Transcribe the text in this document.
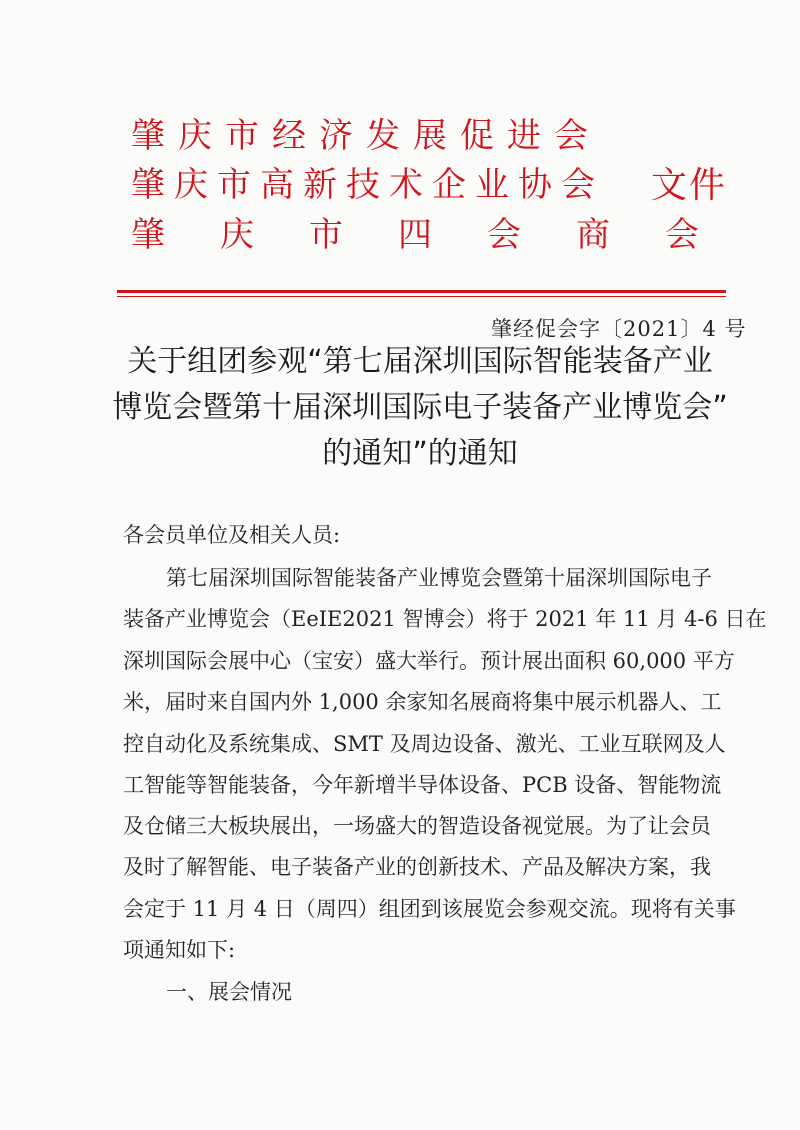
肇庆市经济发展促进会
肇庆市高新技术企业协会
肇庆市四会商会
文件
肇经促会字〔2021〕4 号
关于组团参观“第七届深圳国际智能装备产业
博览会暨第十届深圳国际电子装备产业博览会”
的通知”的通知
各会员单位及相关人员:
第七届深圳国际智能装备产业博览会暨第十届深圳国际电子
装备产业博览会（EeIE2021 智博会）将于 2021 年 11 月 4-6 日在
深圳国际会展中心（宝安）盛大举行。预计展出面积 60,000 平方
米，届时来自国内外 1,000 余家知名展商将集中展示机器人、工
控自动化及系统集成、SMT 及周边设备、激光、工业互联网及人
工智能等智能装备，今年新增半导体设备、PCB 设备、智能物流
及仓储三大板块展出，一场盛大的智造设备视觉展。为了让会员
及时了解智能、电子装备产业的创新技术、产品及解决方案，我
会定于 11 月 4 日（周四）组团到该展览会参观交流。现将有关事
项通知如下:
一、展会情况
